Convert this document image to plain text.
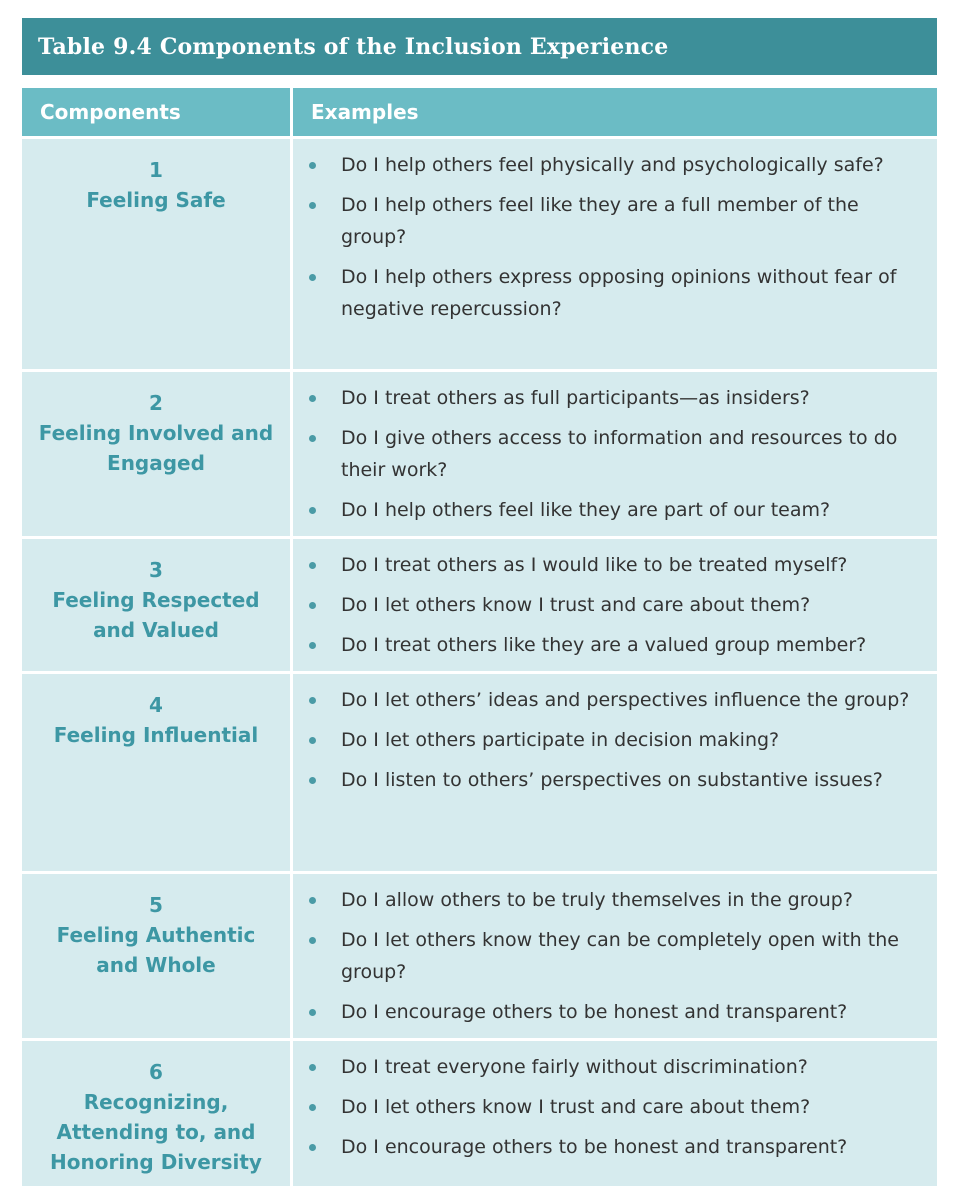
Table 9.4 Components of the Inclusion Experience
Components	Examples
1
Feeling Safe
Do I help others feel physically and psychologically safe?
Do I help others feel like they are a full member of the group?
Do I help others express opposing opinions without fear of negative repercussion?
2
Feeling Involved and Engaged
Do I treat others as full participants—as insiders?
Do I give others access to information and resources to do their work?
Do I help others feel like they are part of our team?
3
Feeling Respected and Valued
Do I treat others as I would like to be treated myself?
Do I let others know I trust and care about them?
Do I treat others like they are a valued group member?
4
Feeling Influential
Do I let others’ ideas and perspectives influence the group?
Do I let others participate in decision making?
Do I listen to others’ perspectives on substantive issues?
5
Feeling Authentic and Whole
Do I allow others to be truly themselves in the group?
Do I let others know they can be completely open with the group?
Do I encourage others to be honest and transparent?
6
Recognizing, Attending to, and Honoring Diversity
Do I treat everyone fairly without discrimination?
Do I let others know I trust and care about them?
Do I encourage others to be honest and transparent?
